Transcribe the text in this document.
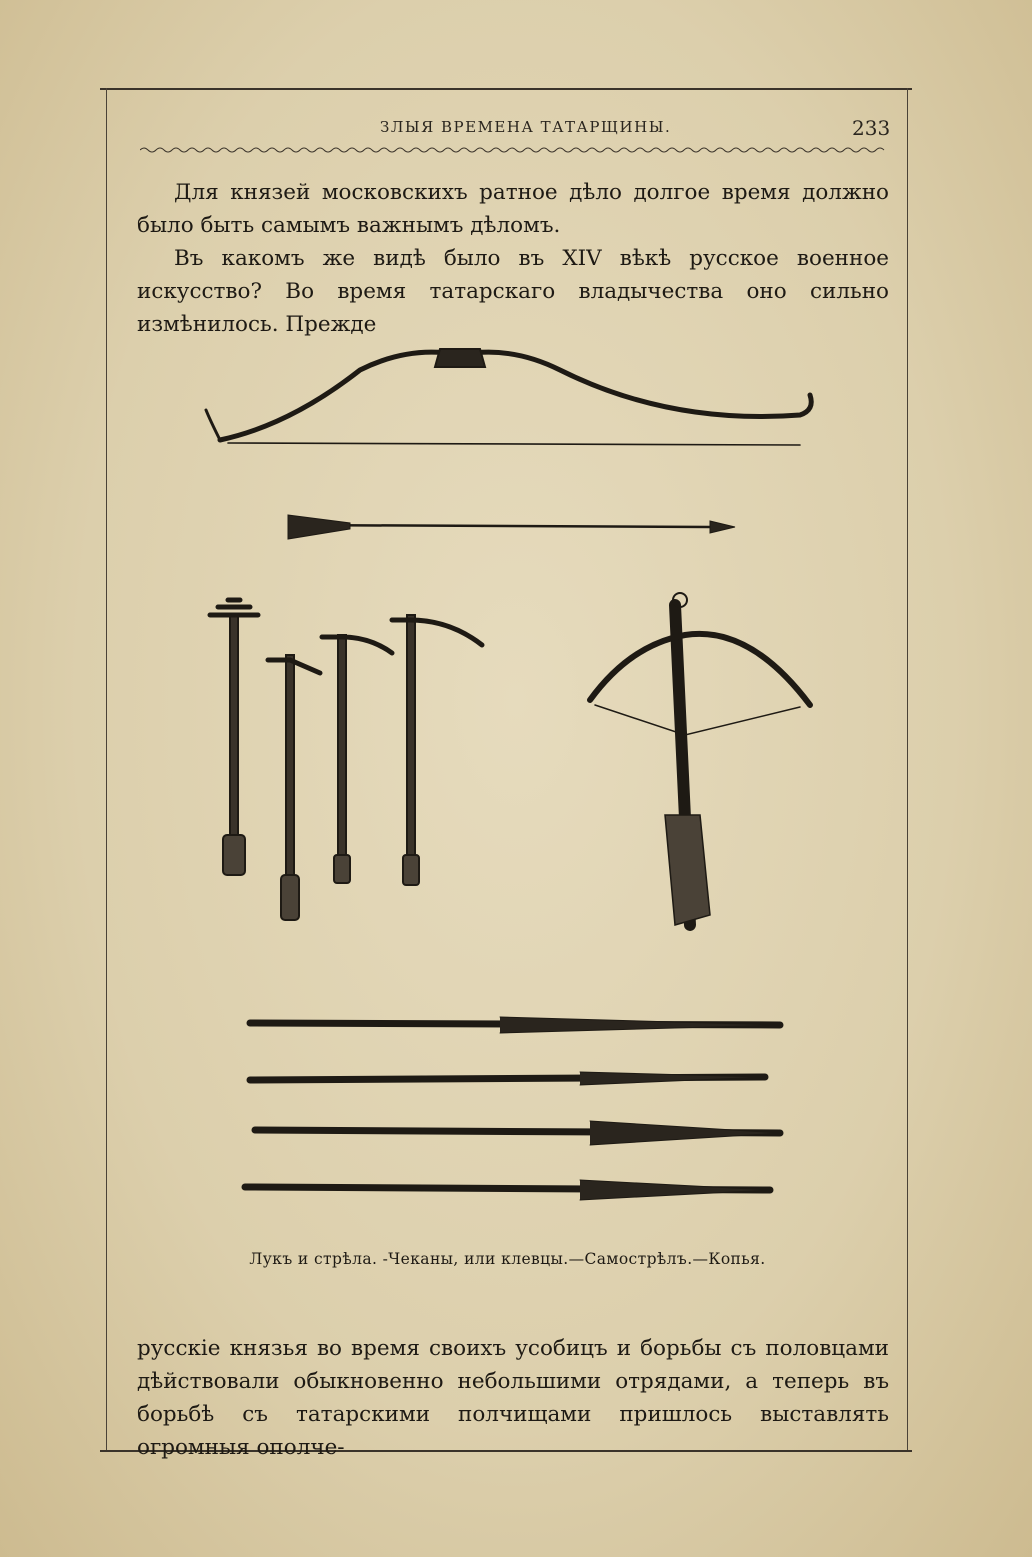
ЗЛЫЯ ВРЕМЕНА ТАТАРЩИНЫ.	233

Для князей московскихъ ратное дѣло долгое время должно было быть самымъ важнымъ дѣломъ.

Въ какомъ же видѣ было въ XIV вѣкѣ русское военное искусство? Во время татарскаго владычества оно сильно измѣнилось. Прежде

Лукъ и стрѣла. -Чеканы, или клевцы.—Самострѣлъ.—Копья.

русскіе князья во время своихъ усобицъ и борьбы съ половцами дѣйствовали обыкновенно небольшими отрядами, а теперь въ борьбѣ съ татарскими полчищами пришлось выставлять огромныя ополче-
